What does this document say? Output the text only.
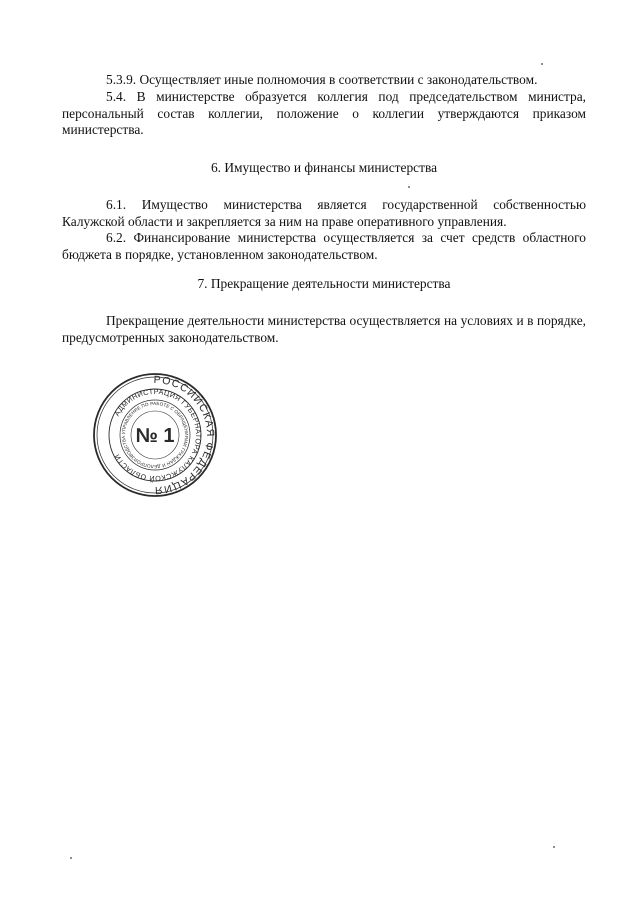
5.3.9. Осуществляет иные полномочия в соответствии с законодательством.

5.4. В министерстве образуется коллегия под председательством министра, персональный состав коллегии, положение о коллегии утверждаются приказом министерства.

6. Имущество и финансы министерства

6.1. Имущество министерства является государственной собственностью Калужской области и закрепляется за ним на праве оперативного управления.

6.2. Финансирование министерства осуществляется за счет средств областного бюджета в порядке, установленном законодательством.

7. Прекращение деятельности министерства

Прекращение деятельности министерства осуществляется на условиях и в порядке, предусмотренных законодательством.

РОССИЙСКАЯ ФЕДЕРАЦИЯ
АДМИНИСТРАЦИЯ ГУБЕРНАТОРА КАЛУЖСКОЙ ОБЛАСТИ
УПРАВЛЕНИЕ ПО РАБОТЕ С ОБРАЩЕНИЯМИ ГРАЖДАН И ДЕЛОПРОИЗВОДСТВА № 1
